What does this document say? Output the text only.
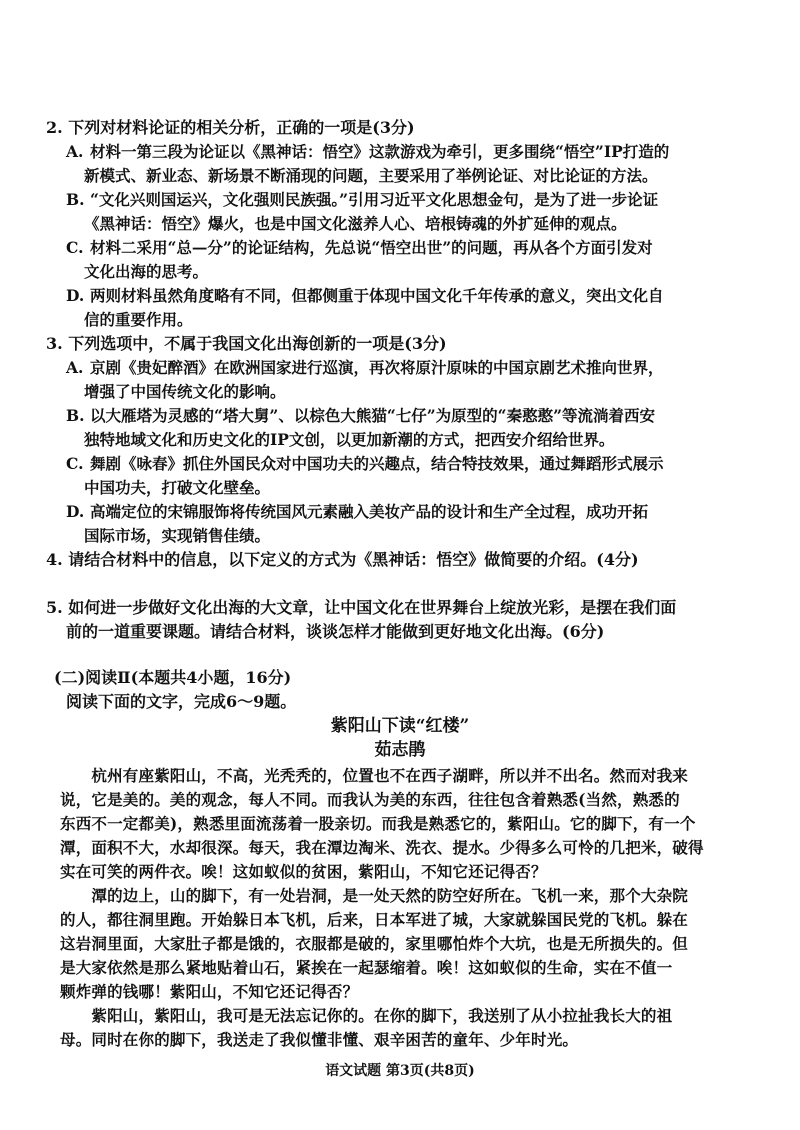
2. 下列对材料论证的相关分析，正确的一项是(3分)
A. 材料一第三段为论证以《黑神话：悟空》这款游戏为牵引，更多围绕“悟空”IP打造的
新模式、新业态、新场景不断涌现的问题，主要采用了举例论证、对比论证的方法。
B. “文化兴则国运兴，文化强则民族强。”引用习近平文化思想金句，是为了进一步论证
《黑神话：悟空》爆火，也是中国文化滋养人心、培根铸魂的外扩延伸的观点。
C. 材料二采用“总—分”的论证结构，先总说“悟空出世”的问题，再从各个方面引发对
文化出海的思考。
D. 两则材料虽然角度略有不同，但都侧重于体现中国文化千年传承的意义，突出文化自
信的重要作用。
3. 下列选项中，不属于我国文化出海创新的一项是(3分)
A. 京剧《贵妃醉酒》在欧洲国家进行巡演，再次将原汁原味的中国京剧艺术推向世界，
增强了中国传统文化的影响。
B. 以大雁塔为灵感的“塔大舅”、以棕色大熊猫“七仔”为原型的“秦憨憨”等流淌着西安
独特地域文化和历史文化的IP文创，以更加新潮的方式，把西安介绍给世界。
C. 舞剧《咏春》抓住外国民众对中国功夫的兴趣点，结合特技效果，通过舞蹈形式展示
中国功夫，打破文化壁垒。
D. 高端定位的宋锦服饰将传统国风元素融入美妆产品的设计和生产全过程，成功开拓
国际市场，实现销售佳绩。
4. 请结合材料中的信息，以下定义的方式为《黑神话：悟空》做简要的介绍。(4分)
5. 如何进一步做好文化出海的大文章，让中国文化在世界舞台上绽放光彩，是摆在我们面
前的一道重要课题。请结合材料，谈谈怎样才能做到更好地文化出海。(6分)
(二)阅读Ⅱ(本题共4小题，16分)
阅读下面的文字，完成6～9题。
紫阳山下读“红楼”
茹志鹃
　　杭州有座紫阳山，不高，光秃秃的，位置也不在西子湖畔，所以并不出名。然而对我来
说，它是美的。美的观念，每人不同。而我认为美的东西，往往包含着熟悉(当然，熟悉的
东西不一定都美)，熟悉里面流荡着一股亲切。而我是熟悉它的，紫阳山。它的脚下，有一个
潭，面积不大，水却很深。每天，我在潭边淘米、洗衣、提水。少得多么可怜的几把米，破得
实在可笑的两件衣。唉！这如蚁似的贫困，紫阳山，不知它还记得否？
　　潭的边上，山的脚下，有一处岩洞，是一处天然的防空好所在。飞机一来，那个大杂院
的人，都往洞里跑。开始躲日本飞机，后来，日本军进了城，大家就躲国民党的飞机。躲在
这岩洞里面，大家肚子都是饿的，衣服都是破的，家里哪怕炸个大坑，也是无所损失的。但
是大家依然是那么紧地贴着山石，紧挨在一起瑟缩着。唉！这如蚁似的生命，实在不值一
颗炸弹的钱哪！紫阳山，不知它还记得否？
　　紫阳山，紫阳山，我可是无法忘记你的。在你的脚下，我送别了从小拉扯我长大的祖
母。同时在你的脚下，我送走了我似懂非懂、艰辛困苦的童年、少年时光。
语文试题 第3页(共8页)
